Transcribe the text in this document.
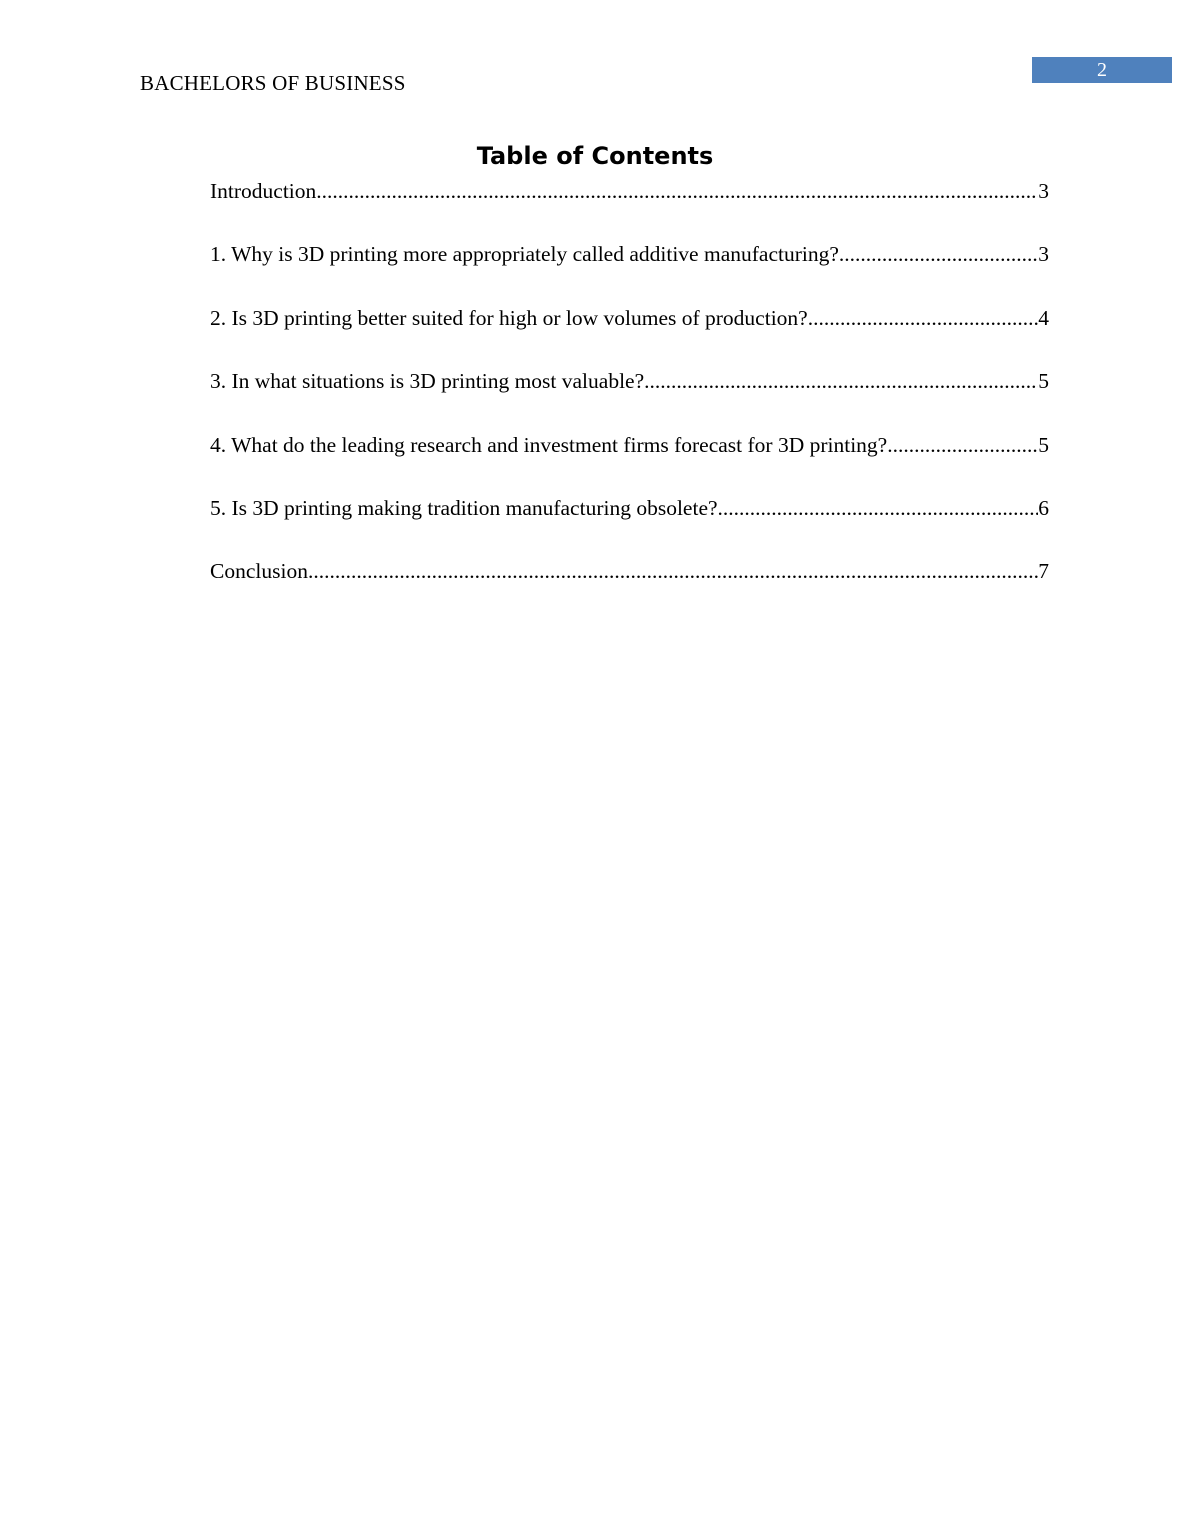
BACHELORS OF BUSINESS
2
Table of Contents
Introduction .....	3
1. Why is 3D printing more appropriately called additive manufacturing? .....	3
2. Is 3D printing better suited for high or low volumes of production? .....	4
3. In what situations is 3D printing most valuable? .....	5
4. What do the leading research and investment firms forecast for 3D printing? .....	5
5. Is 3D printing making tradition manufacturing obsolete? .....	6
Conclusion .....	7
